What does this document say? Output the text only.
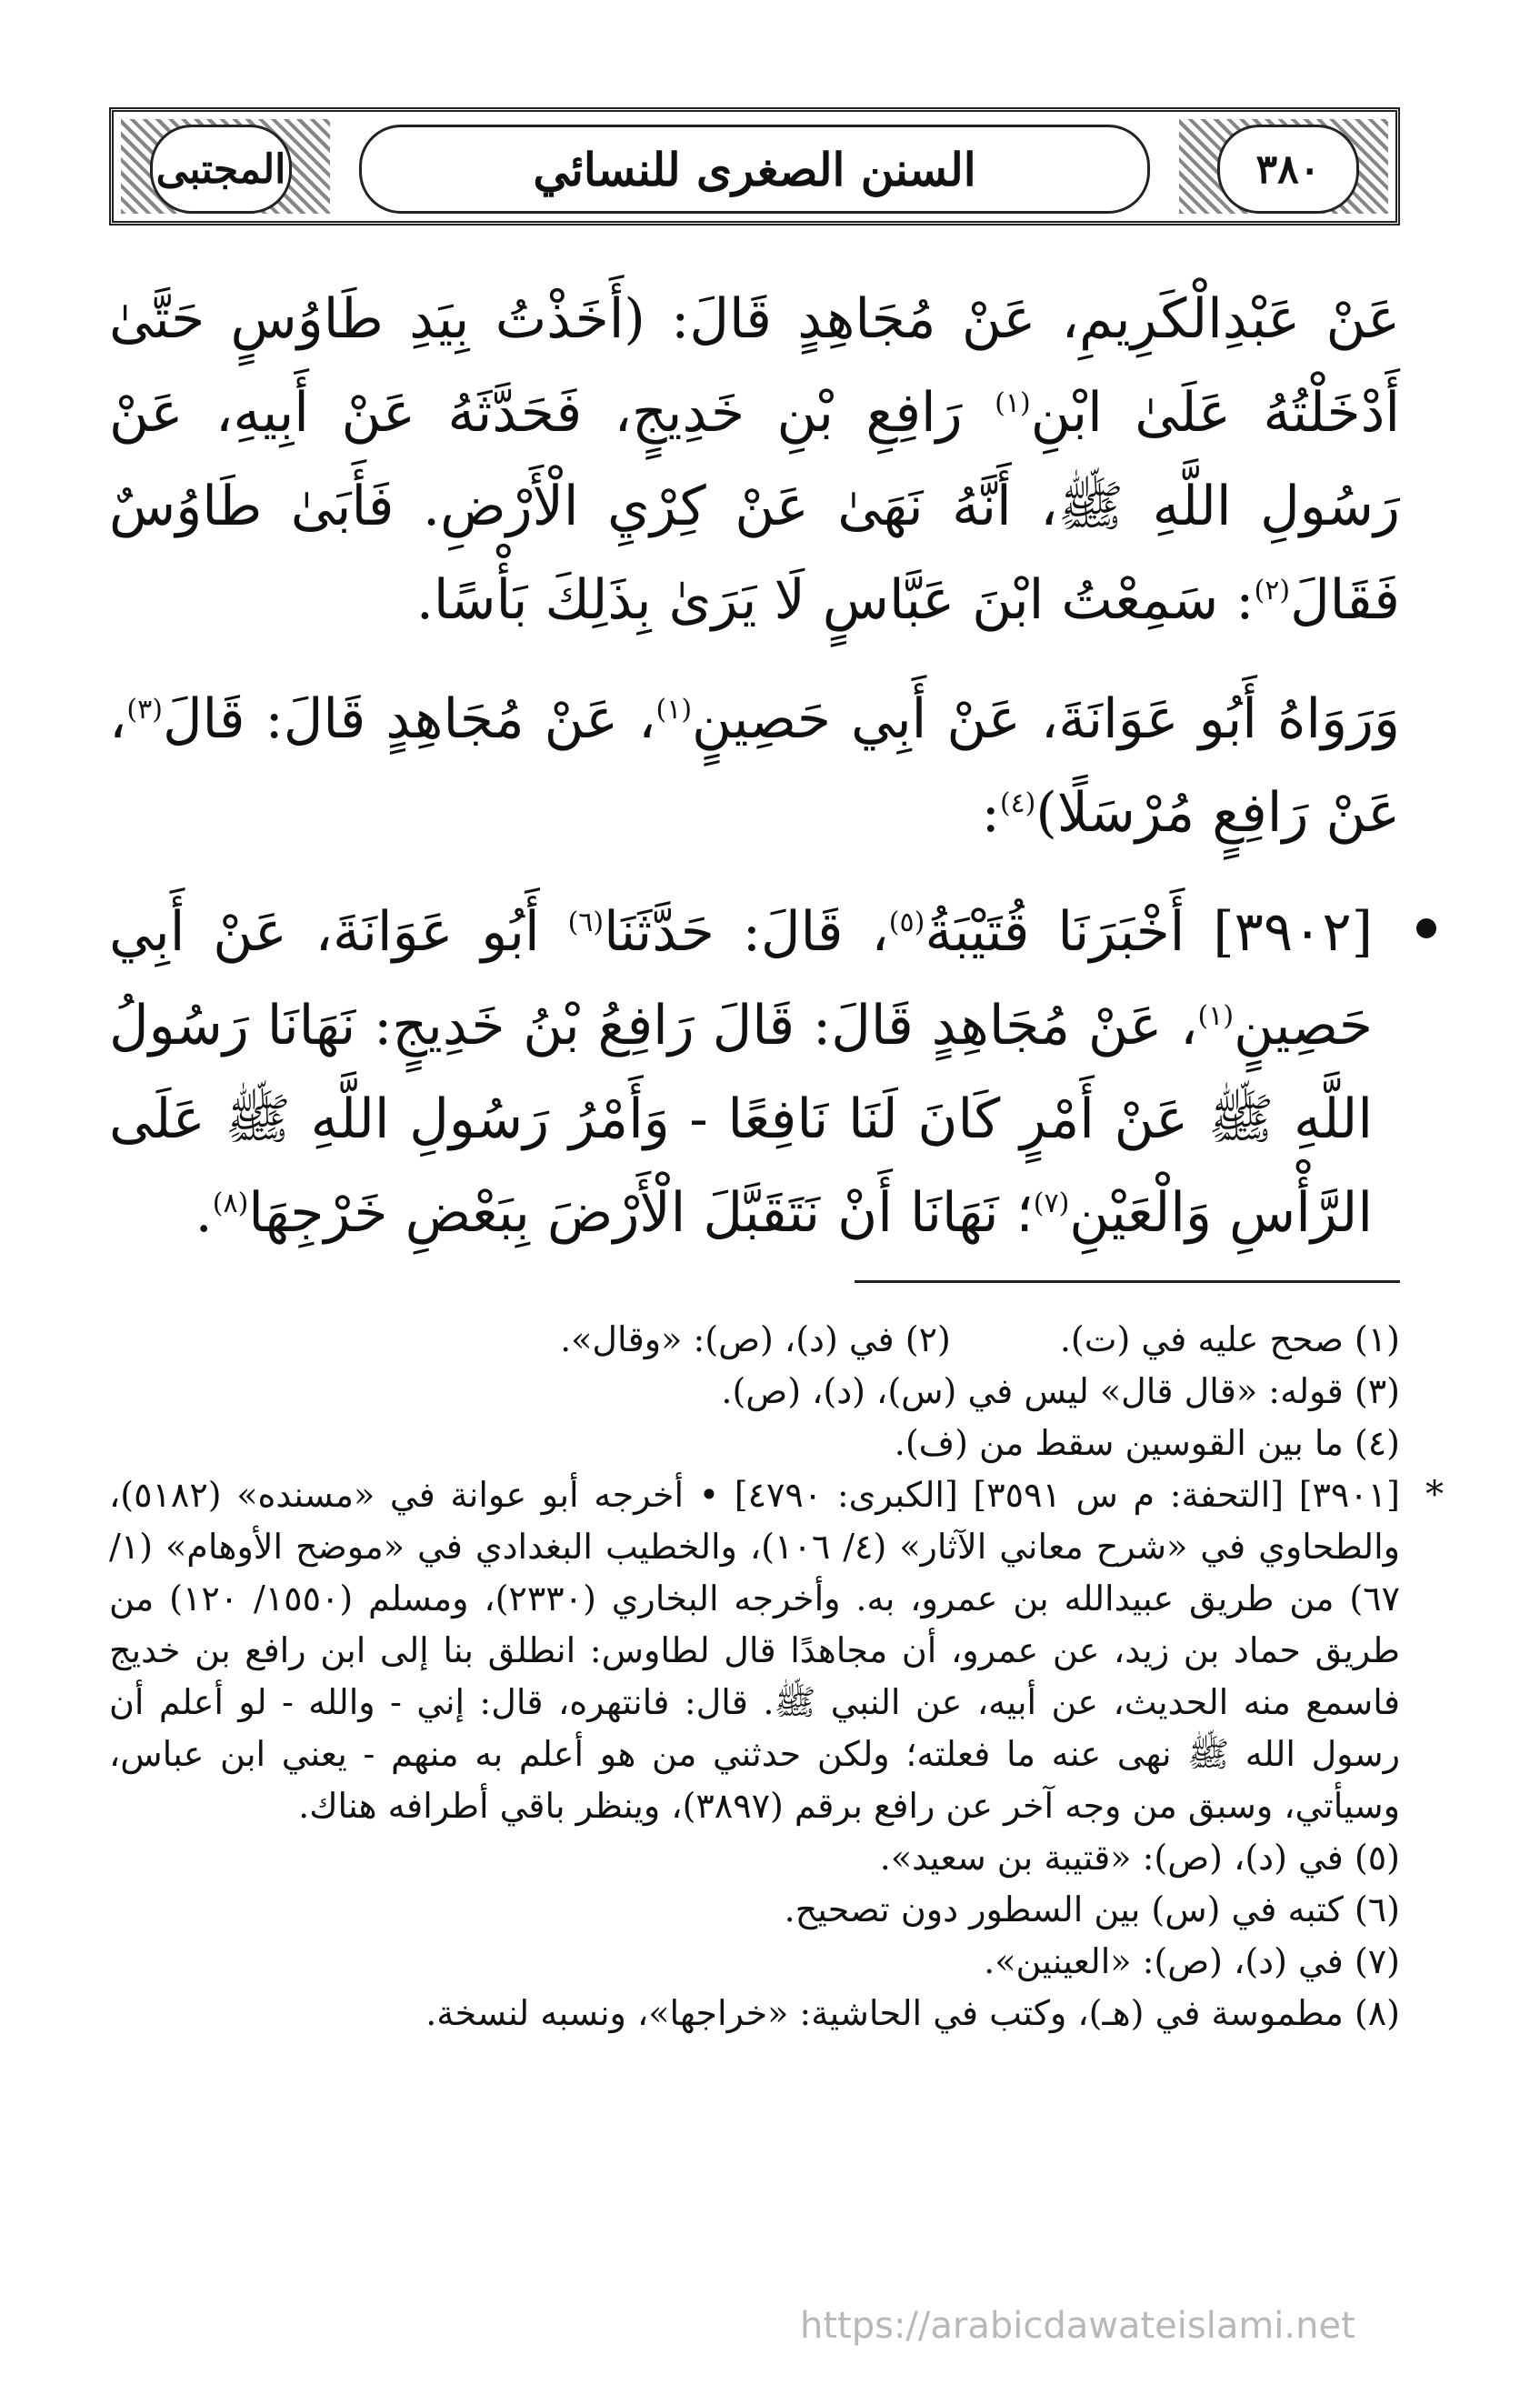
٣٨٠
السنن الصغرى للنسائي
المجتبى

عَنْ عَبْدِالْكَرِيمِ، عَنْ مُجَاهِدٍ قَالَ: (أَخَذْتُ بِيَدِ طَاوُسٍ حَتَّىٰ أَدْخَلْتُهُ عَلَىٰ ابْنِ$^{(١)}$ رَافِعِ بْنِ خَدِيجٍ، فَحَدَّثَهُ عَنْ أَبِيهِ، عَنْ رَسُولِ اللَّهِ ﷺ، أَنَّهُ نَهَىٰ عَنْ كِرْيِ الْأَرْضِ. فَأَبَىٰ طَاوُسٌ فَقَالَ$^{(٢)}$: سَمِعْتُ ابْنَ عَبَّاسٍ لَا يَرَىٰ بِذَلِكَ بَأْسًا.

وَرَوَاهُ أَبُو عَوَانَةَ، عَنْ أَبِي حَصِينٍ$^{(١)}$، عَنْ مُجَاهِدٍ قَالَ: قَالَ$^{(٣)}$، عَنْ رَافِعٍ مُرْسَلًا)$^{(٤)}$:

[٣٩٠٢] أَخْبَرَنَا قُتَيْبَةُ$^{(٥)}$، قَالَ: حَدَّثَنَا$^{(٦)}$ أَبُو عَوَانَةَ، عَنْ أَبِي حَصِينٍ$^{(١)}$، عَنْ مُجَاهِدٍ قَالَ: قَالَ رَافِعُ بْنُ خَدِيجٍ: نَهَانَا رَسُولُ اللَّهِ ﷺ عَنْ أَمْرٍ كَانَ لَنَا نَافِعًا - وَأَمْرُ رَسُولِ اللَّهِ ﷺ عَلَى الرَّأْسِ وَالْعَيْنِ$^{(٧)}$؛ نَهَانَا أَنْ نَتَقَبَّلَ الْأَرْضَ بِبَعْضِ خَرْجِهَا$^{(٨)}$.

(١) صحح عليه في (ت).

(٢) في (د)، (ص): «وقال».

(٣) قوله: «قال قال» ليس في (س)، (د)، (ص).

(٤) ما بين القوسين سقط من (ف).

*
[٣٩٠١] [التحفة: م س ٣٥٩١] [الكبرى: ٤٧٩٠] • أخرجه أبو عوانة في «مسنده» (٥١٨٢)، والطحاوي في «شرح معاني الآثار» (٤/ ١٠٦)، والخطيب البغدادي في «موضح الأوهام» (١/ ٦٧) من طريق عبيدالله بن عمرو، به. وأخرجه البخاري (٢٣٣٠)، ومسلم (١٥٥٠/ ١٢٠) من طريق حماد بن زيد، عن عمرو، أن مجاهدًا قال لطاوس: انطلق بنا إلى ابن رافع بن خديج فاسمع منه الحديث، عن أبيه، عن النبي ﷺ. قال: فانتهره، قال: إني - والله - لو أعلم أن رسول الله ﷺ نهى عنه ما فعلته؛ ولكن حدثني من هو أعلم به منهم - يعني ابن عباس، وسيأتي، وسبق من وجه آخر عن رافع برقم (٣٨٩٧)، وينظر باقي أطرافه هناك.

(٥) في (د)، (ص): «قتيبة بن سعيد».

(٦) كتبه في (س) بين السطور دون تصحيح.

(٧) في (د)، (ص): «العينين».

(٨) مطموسة في (هـ)، وكتب في الحاشية: «خراجها»، ونسبه لنسخة.

https://arabicdawateislami.net
